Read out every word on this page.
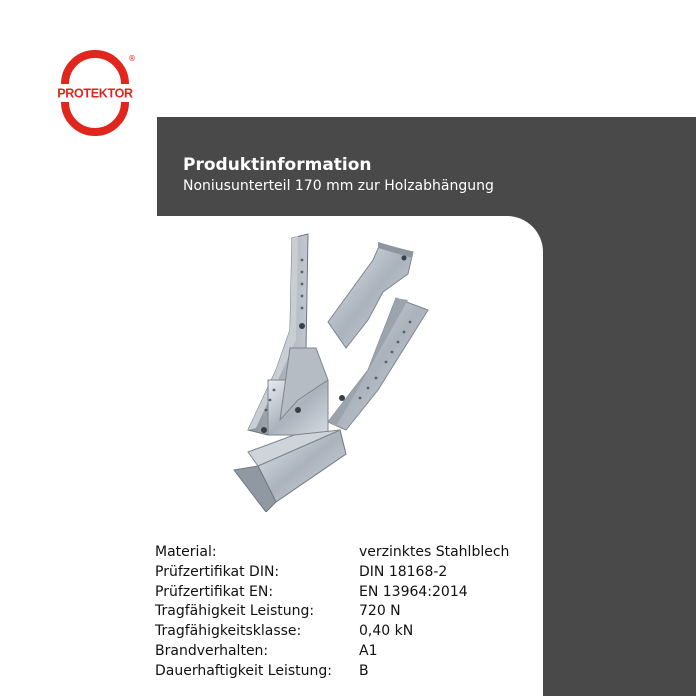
PROTEKTOR
®
Produktinformation

Noniusunterteil 170 mm zur Holzabhängung

Material:	verzinktes Stahlblech
Prüfzertifikat DIN:	DIN 18168-2
Prüfzertifikat EN:	EN 13964:2014
Tragfähigkeit Leistung:	720 N
Tragfähigkeitsklasse:	0,40 kN
Brandverhalten:	A1
Dauerhaftigkeit Leistung:	B
